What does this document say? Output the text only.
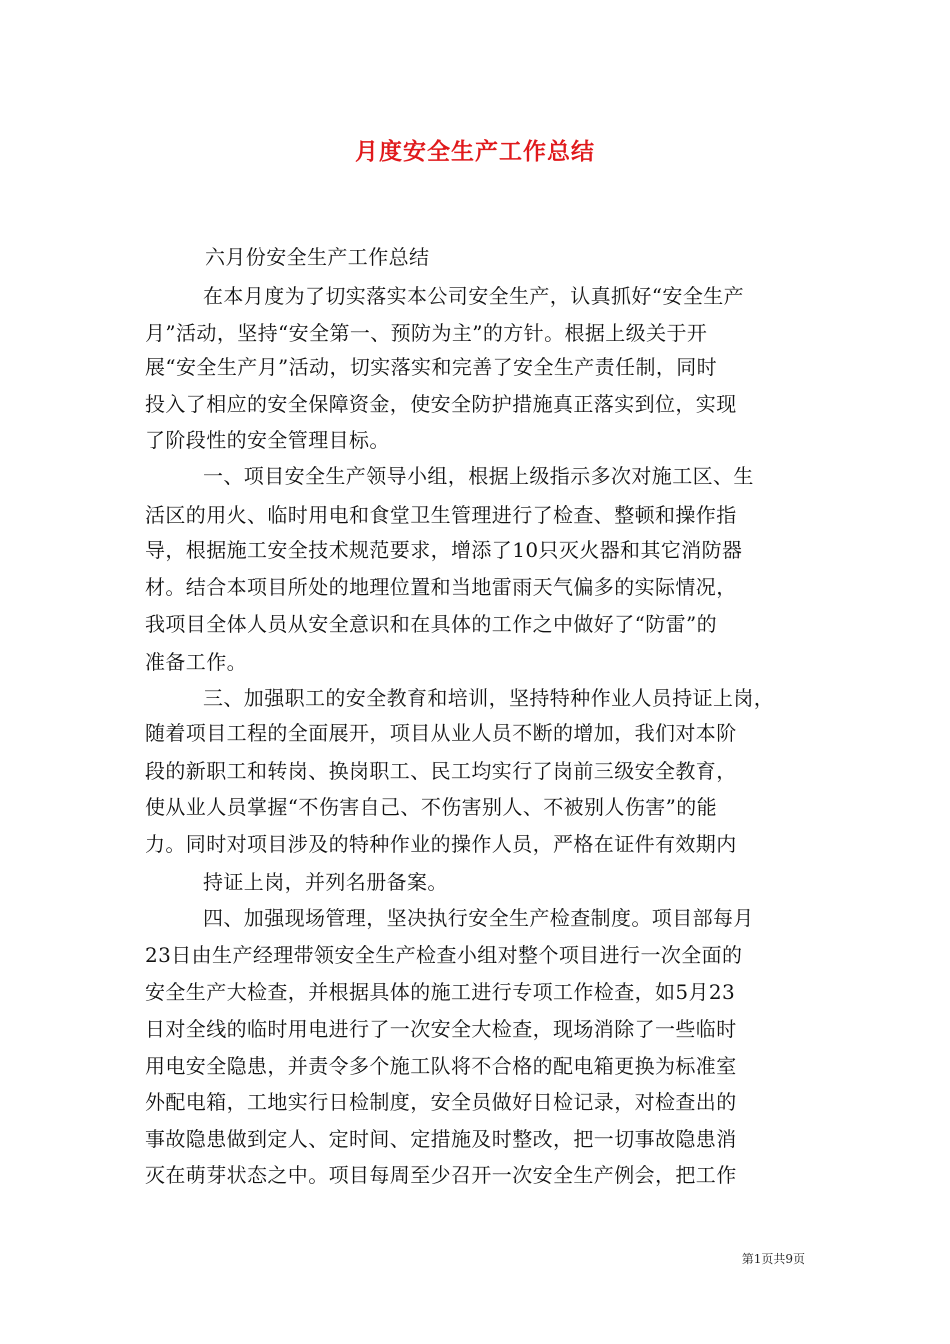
月度安全生产工作总结
六月份安全生产工作总结
在本月度为了切实落实本公司安全生产，认真抓好“安全生产
月”活动，坚持“安全第一、预防为主”的方针。根据上级关于开
展“安全生产月”活动，切实落实和完善了安全生产责任制，同时
投入了相应的安全保障资金，使安全防护措施真正落实到位，实现
了阶段性的安全管理目标。
一、项目安全生产领导小组，根据上级指示多次对施工区、生
活区的用火、临时用电和食堂卫生管理进行了检查、整顿和操作指
导，根据施工安全技术规范要求，增添了10只灭火器和其它消防器
材。结合本项目所处的地理位置和当地雷雨天气偏多的实际情况，
我项目全体人员从安全意识和在具体的工作之中做好了“防雷”的
准备工作。
三、加强职工的安全教育和培训，坚持特种作业人员持证上岗，
随着项目工程的全面展开，项目从业人员不断的增加，我们对本阶
段的新职工和转岗、换岗职工、民工均实行了岗前三级安全教育，
使从业人员掌握“不伤害自己、不伤害别人、不被别人伤害”的能
力。同时对项目涉及的特种作业的操作人员，严格在证件有效期内
持证上岗，并列名册备案。
四、加强现场管理，坚决执行安全生产检查制度。项目部每月
23日由生产经理带领安全生产检查小组对整个项目进行一次全面的
安全生产大检查，并根据具体的施工进行专项工作检查，如5月23
日对全线的临时用电进行了一次安全大检查，现场消除了一些临时
用电安全隐患，并责令多个施工队将不合格的配电箱更换为标准室
外配电箱，工地实行日检制度，安全员做好日检记录，对检查出的
事故隐患做到定人、定时间、定措施及时整改，把一切事故隐患消
灭在萌芽状态之中。项目每周至少召开一次安全生产例会，把工作
第1页共9页
